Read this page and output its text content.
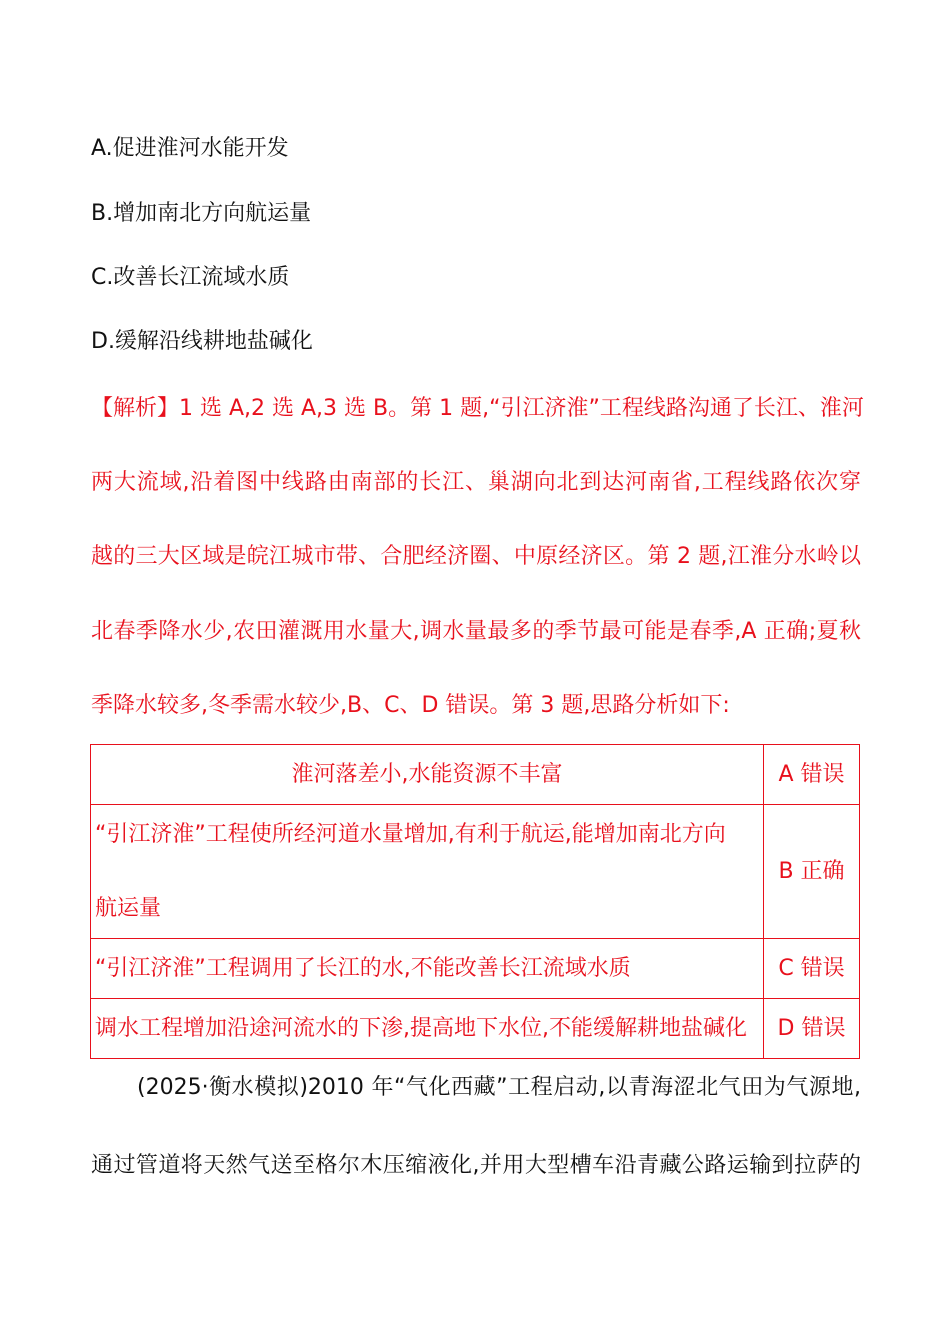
A.促进淮河水能开发
B.增加南北方向航运量
C.改善长江流域水质
D.缓解沿线耕地盐碱化
【解析】1 选 A,2 选 A,3 选 B。第 1 题,“引江济淮”工程线路沟通了长江、淮河
两大流域,沿着图中线路由南部的长江、巢湖向北到达河南省,工程线路依次穿
越的三大区域是皖江城市带、合肥经济圈、中原经济区。第 2 题,江淮分水岭以
北春季降水少,农田灌溉用水量大,调水量最多的季节最可能是春季,A 正确;夏秋
季降水较多,冬季需水较少,B、C、D 错误。第 3 题,思路分析如下:
淮河落差小,水能资源不丰富	A 错误

“引江济淮”工程使所经河道水量增加,有利于航运,能增加南北方向
航运量	B 正确

“引江济淮”工程调用了长江的水,不能改善长江流域水质	C 错误

调水工程增加沿途河流水的下渗,提高地下水位,不能缓解耕地盐碱化	D 错误
(2025·衡水模拟)2010 年“气化西藏”工程启动,以青海涩北气田为气源地,
通过管道将天然气送至格尔木压缩液化,并用大型槽车沿青藏公路运输到拉萨的
